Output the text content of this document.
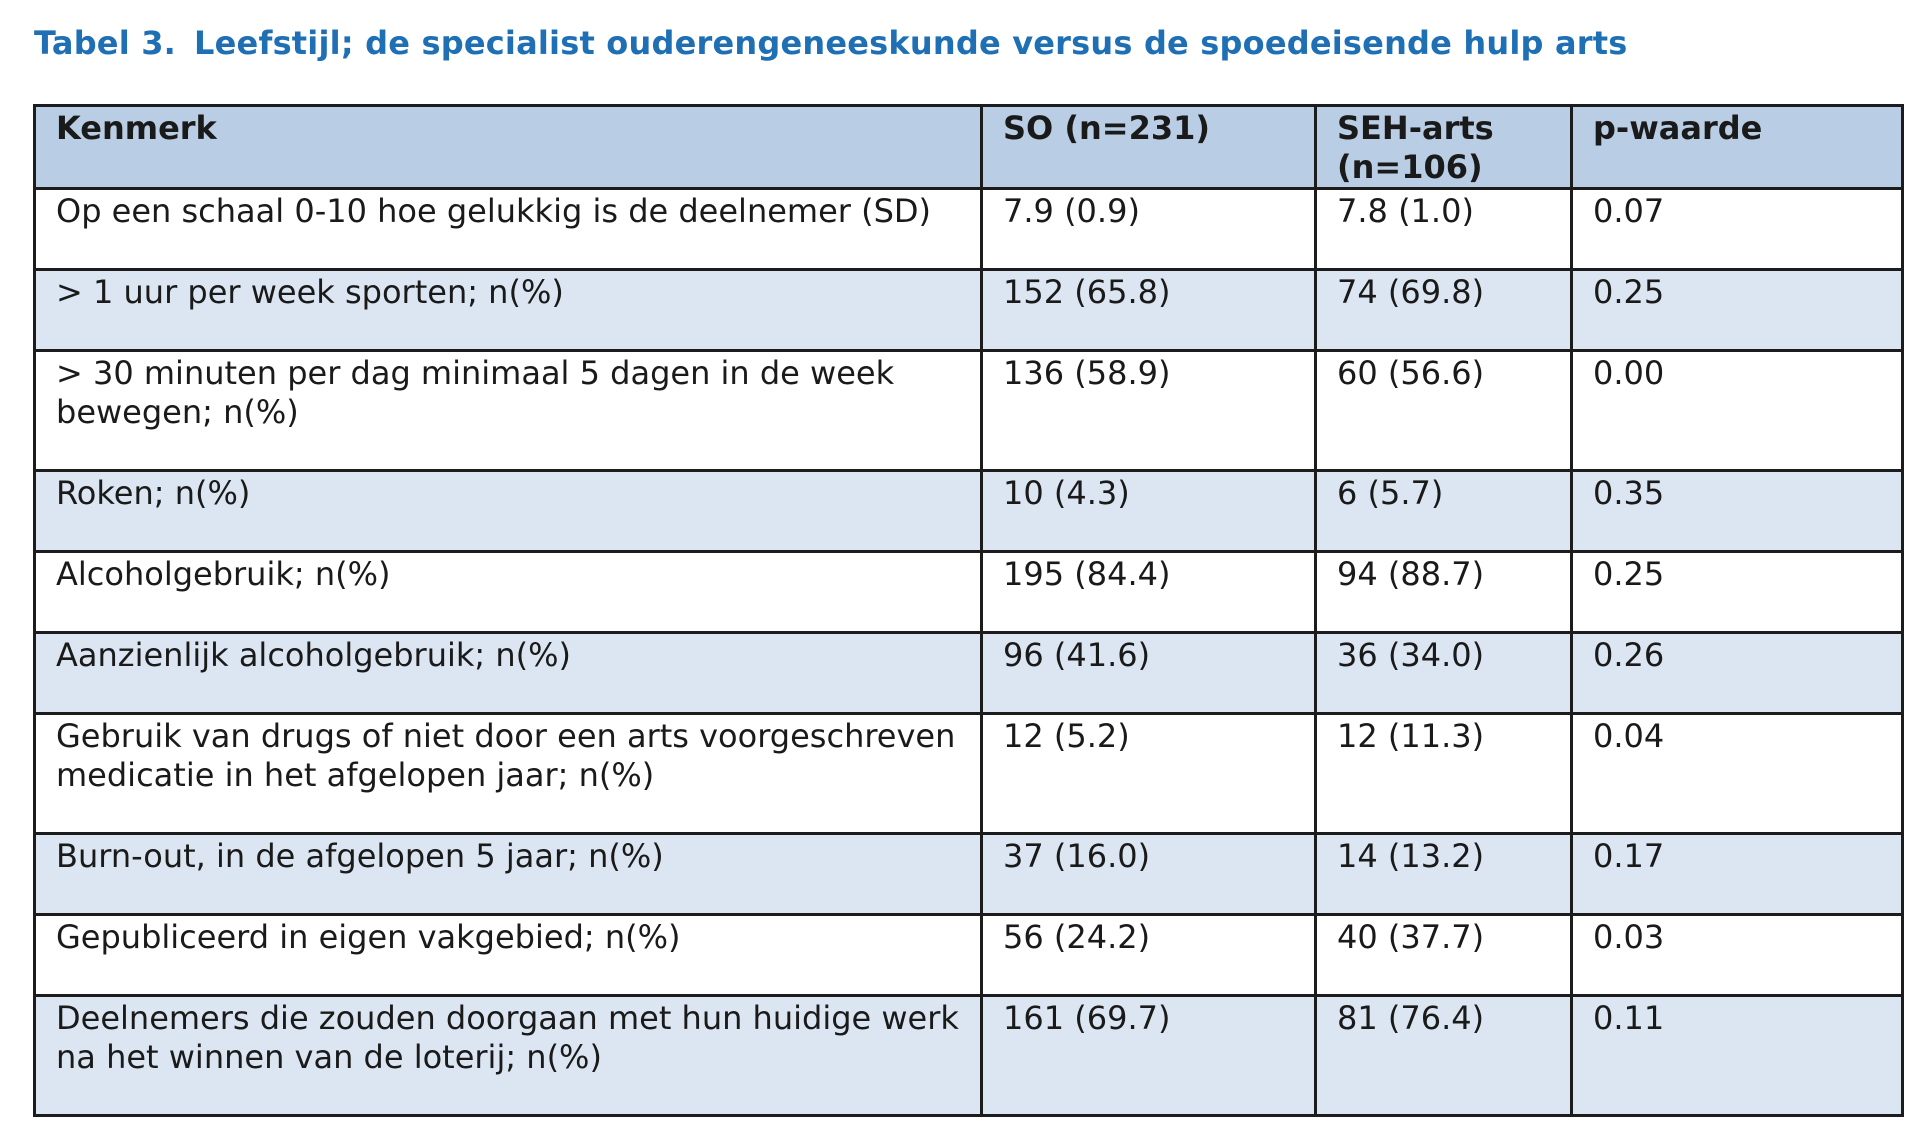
Tabel 3. Leefstijl; de specialist ouderengeneeskunde versus de spoedeisende hulp arts
Kenmerk	SO (n=231)	SEH-arts (n=106)	p-waarde
Op een schaal 0-10 hoe gelukkig is de deelnemer (SD)	7.9 (0.9)	7.8 (1.0)	0.07
> 1 uur per week sporten; n(%)	152 (65.8)	74 (69.8)	0.25
> 30 minuten per dag minimaal 5 dagen in de week bewegen; n(%)	136 (58.9)	60 (56.6)	0.00
Roken; n(%)	10 (4.3)	6 (5.7)	0.35
Alcoholgebruik; n(%)	195 (84.4)	94 (88.7)	0.25
Aanzienlijk alcoholgebruik; n(%)	96 (41.6)	36 (34.0)	0.26
Gebruik van drugs of niet door een arts voorgeschreven medicatie in het afgelopen jaar; n(%)	12 (5.2)	12 (11.3)	0.04
Burn-out, in de afgelopen 5 jaar; n(%)	37 (16.0)	14 (13.2)	0.17
Gepubliceerd in eigen vakgebied; n(%)	56 (24.2)	40 (37.7)	0.03
Deelnemers die zouden doorgaan met hun huidige werk na het winnen van de loterij; n(%)	161 (69.7)	81 (76.4)	0.11
